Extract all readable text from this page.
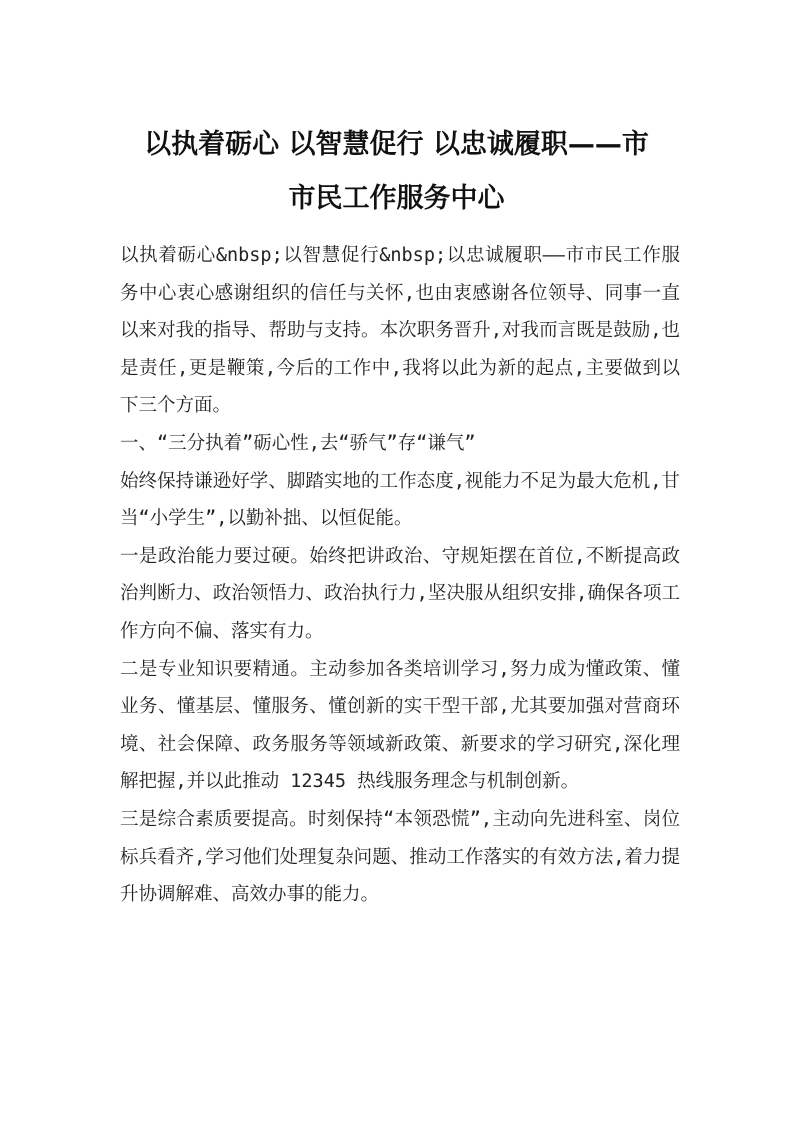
以执着砺心 以智慧促行 以忠诚履职——市
市民工作服务中心

以执着砺心&nbsp;以智慧促行&nbsp;以忠诚履职——市市民工作服务中心衷心感谢组织的信任与关怀,也由衷感谢各位领导、同事一直以来对我的指导、帮助与支持。本次职务晋升,对我而言既是鼓励,也是责任,更是鞭策,今后的工作中,我将以此为新的起点,主要做到以下三个方面。

一、“三分执着”砺心性,去“骄气”存“谦气”

始终保持谦逊好学、脚踏实地的工作态度,视能力不足为最大危机,甘当“小学生”,以勤补拙、以恒促能。

一是政治能力要过硬。始终把讲政治、守规矩摆在首位,不断提高政治判断力、政治领悟力、政治执行力,坚决服从组织安排,确保各项工作方向不偏、落实有力。

二是专业知识要精通。主动参加各类培训学习,努力成为懂政策、懂业务、懂基层、懂服务、懂创新的实干型干部,尤其要加强对营商环境、社会保障、政务服务等领域新政策、新要求的学习研究,深化理解把握,并以此推动 12345 热线服务理念与机制创新。

三是综合素质要提高。时刻保持“本领恐慌”,主动向先进科室、岗位标兵看齐,学习他们处理复杂问题、推动工作落实的有效方法,着力提升协调解难、高效办事的能力。
